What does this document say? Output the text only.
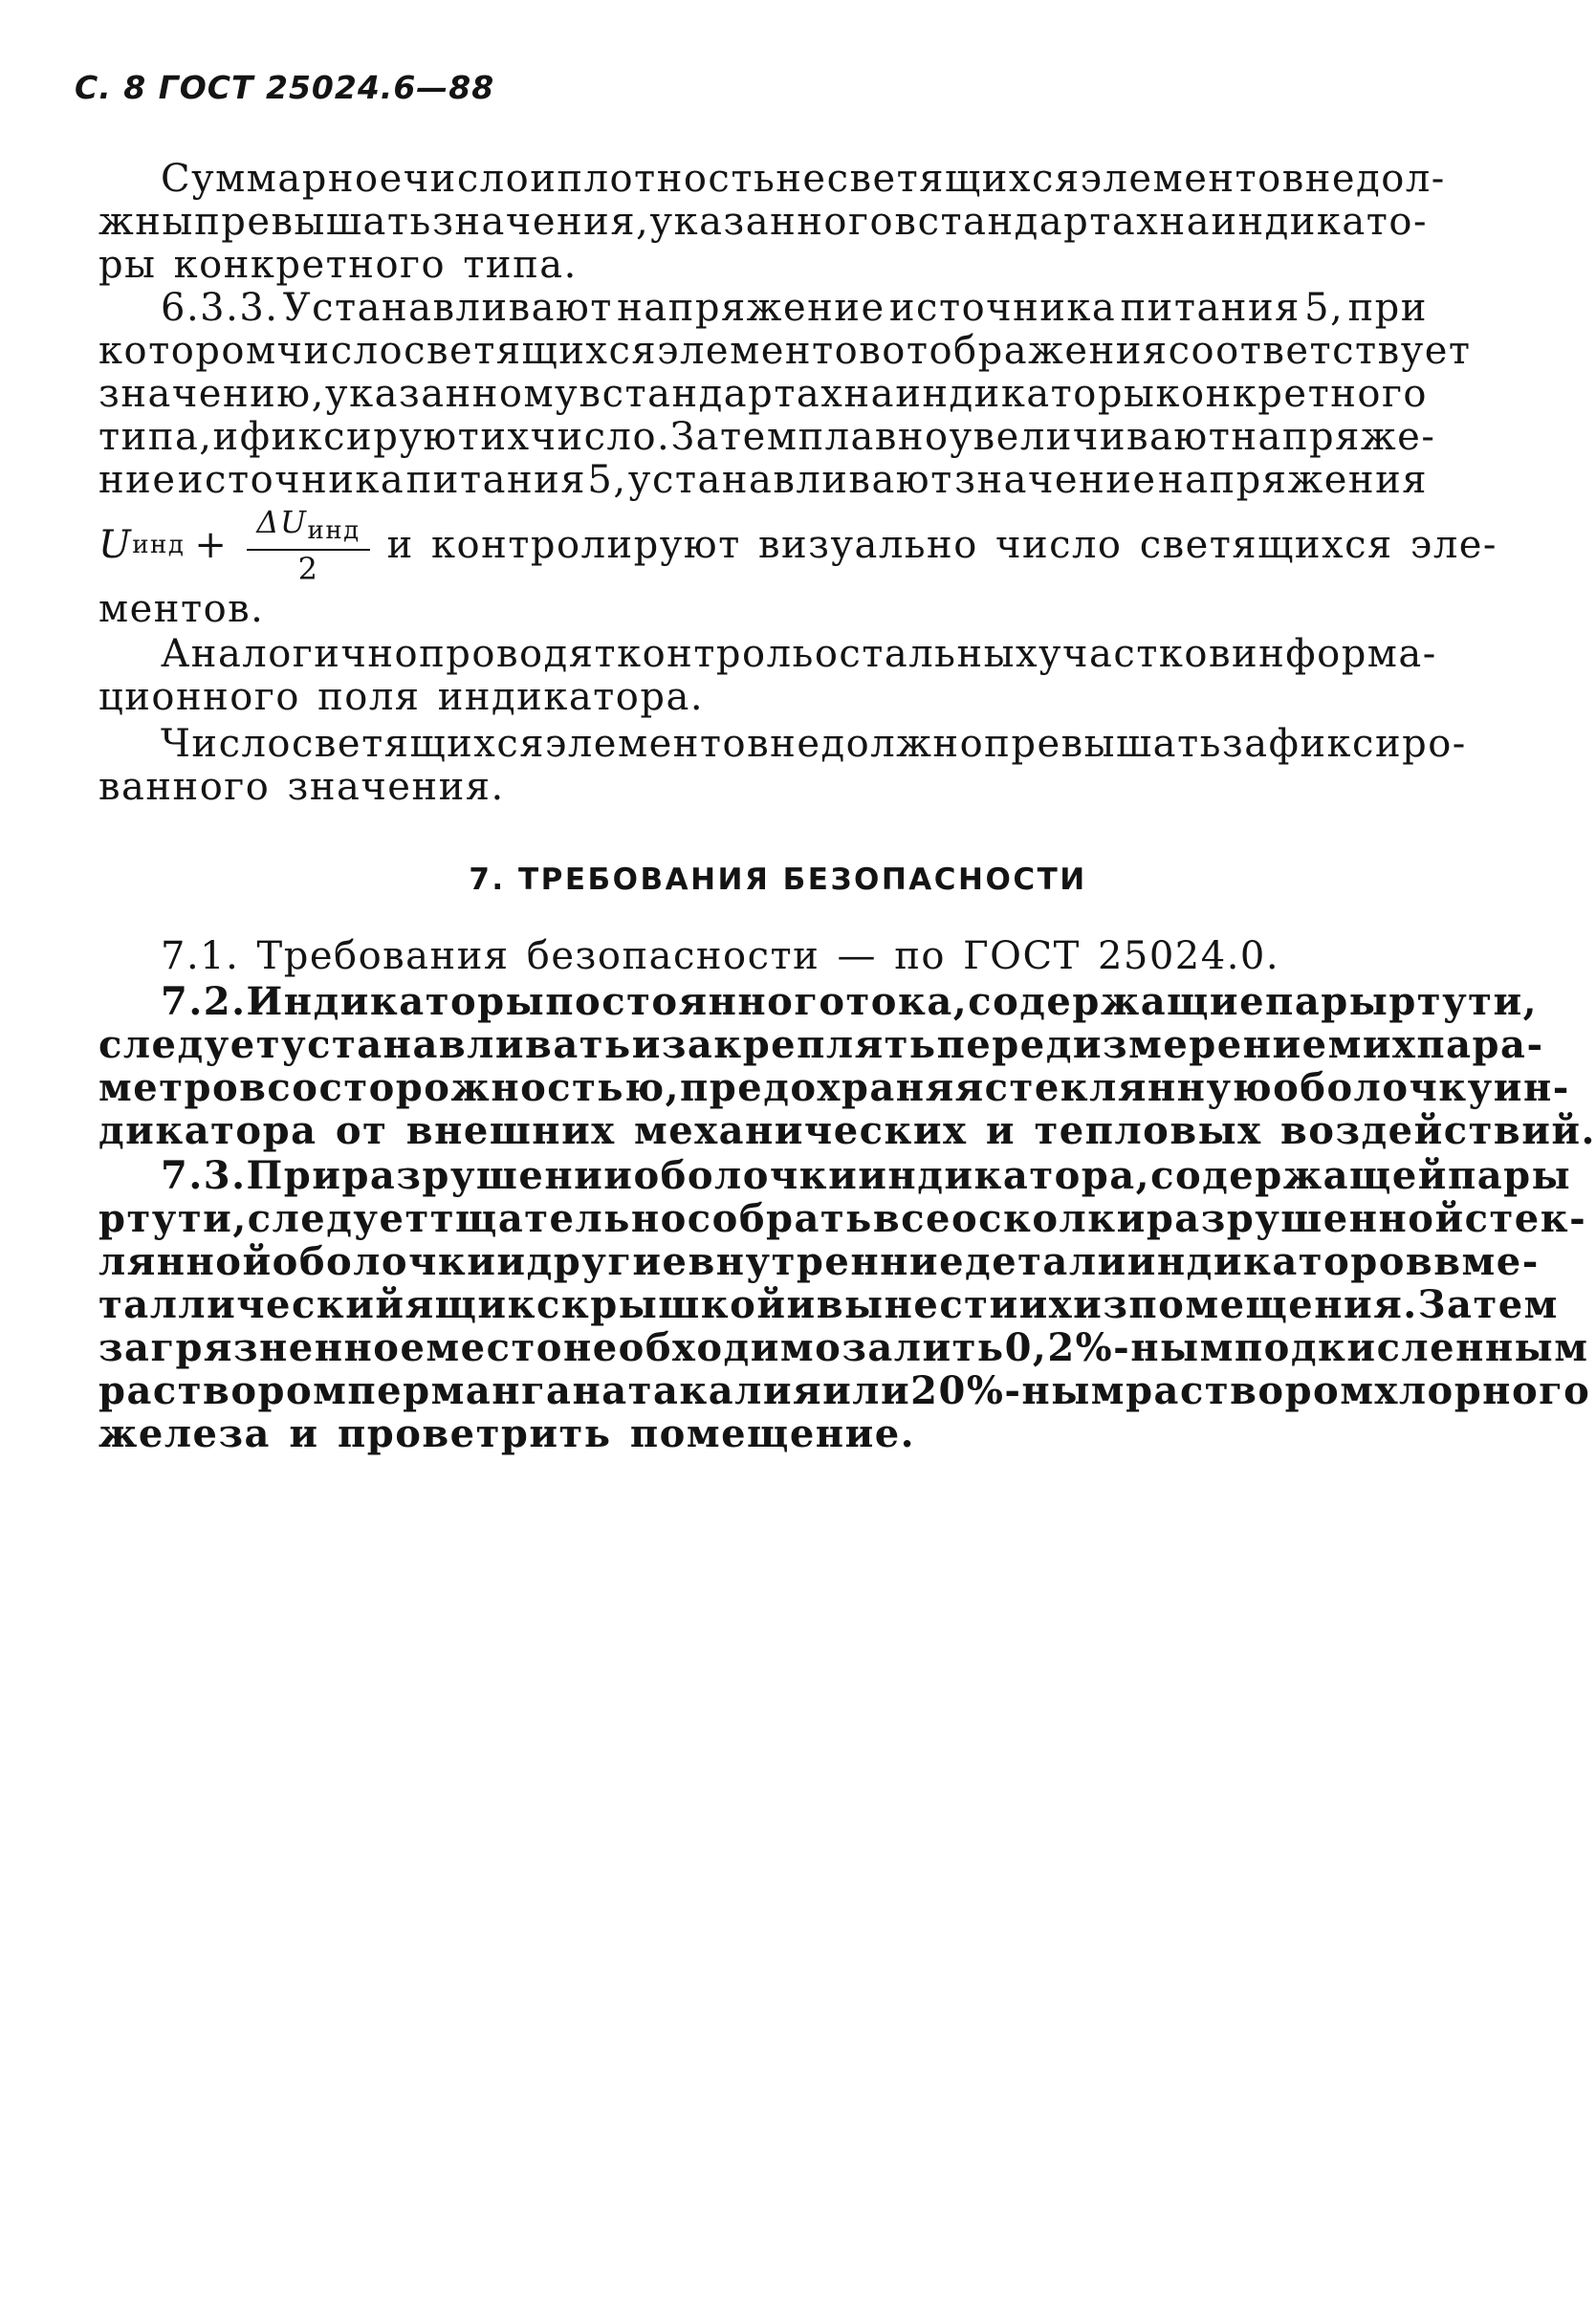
С. 8 ГОСТ 25024.6—88
Суммарное число и плотность несветящихся элементов не дол-
жны превышать значения, указанного в стандартах на индикато-
ры конкретного типа.
6.3.3. Устанавливают напряжение источника питания 5, при
котором число светящихся элементов отображения соответствует
значению, указанному в стандартах на индикаторы конкретного
типа, и фиксируют их число. Затем плавно увеличивают напряже-
ние источника питания 5, устанавливают значение напряжения
U инд + $\frac{\Delta U_{инд}}{2}$ и контролируют визуально число светящихся эле-
ментов.
Аналогично проводят контроль остальных участков информа-
ционного поля индикатора.
Число светящихся элементов не должно превышать зафиксиро-
ванного значения.
7. ТРЕБОВАНИЯ БЕЗОПАСНОСТИ
7.1. Требования безопасности — по ГОСТ 25024.0.
7.2. Индикаторы постоянного тока, содержащие пары ртути,
следует устанавливать и закреплять перед измерением их пара-
метров с осторожностью, предохраняя стеклянную оболочку ин-
дикатора от внешних механических и тепловых воздействий.
7.3. При разрушении оболочки индикатора, содержащей пары
ртути, следует тщательно собрать все осколки разрушенной стек-
лянной оболочки и другие внутренние детали индикаторов в ме-
таллический ящик с крышкой и вынести их из помещения. Затем
загрязненное место необходимо залить 0,2%-ным подкисленным
раствором перманганата калия или 20%-ным раствором хлорного
железа и проветрить помещение.
